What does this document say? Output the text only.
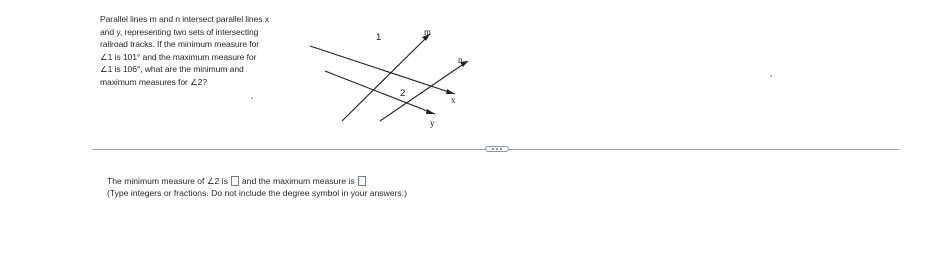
Parallel lines m and n intersect parallel lines x
and y, representing two sets of intersecting
railroad tracks. If the minimum measure for
∠1 is 101° and the maximum measure for
∠1 is 106°, what are the minimum and
maximum measures for ∠2?
1	m
n
2
x
y
The minimum measure of ∠2 is and the maximum measure is
(Type integers or fractions. Do not include the degree symbol in your answers.)
